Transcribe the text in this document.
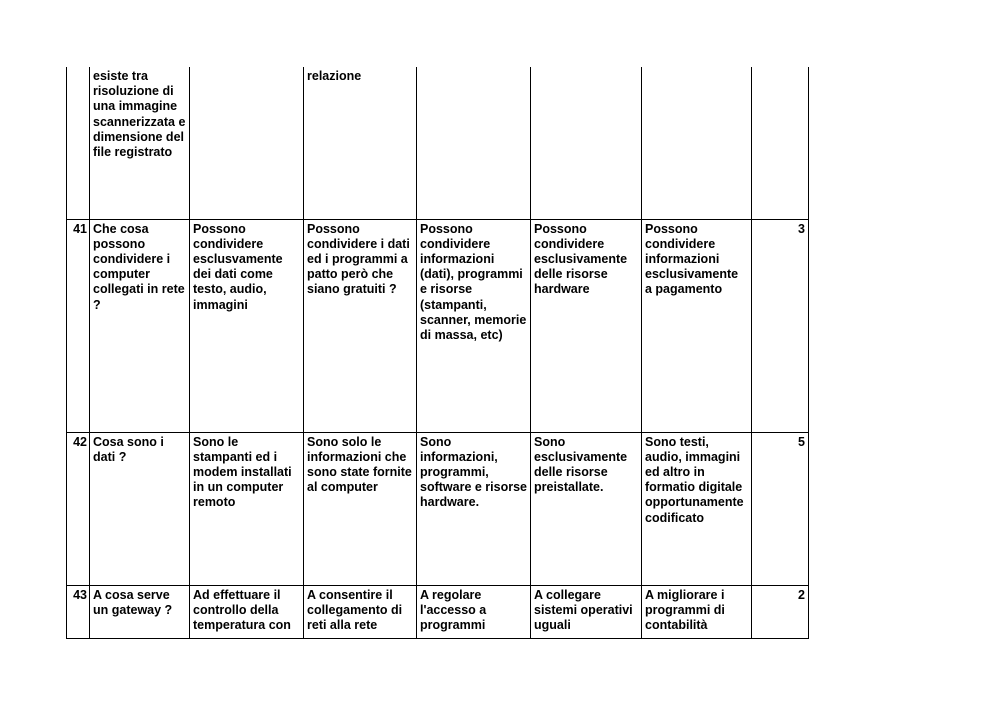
	esiste tra risoluzione di una immagine scannerizzata e dimensione del file registrato		relazione				

41	Che cosa possono condividere i computer collegati in rete ?	Possono condividere esclusvamente dei dati come testo, audio, immagini	Possono condividere i dati ed i programmi a patto però che siano gratuiti ?	Possono condividere informazioni (dati), programmi e risorse (stampanti, scanner, memorie di massa, etc)	Possono condividere esclusivamente delle risorse hardware	Possono condividere informazioni esclusivamente a pagamento	3

42	Cosa sono i dati ?	Sono le stampanti ed i modem installati in un computer remoto	Sono solo le informazioni che sono state fornite al computer	Sono informazioni, programmi, software e risorse hardware.	Sono esclusivamente delle risorse preistallate.	Sono testi, audio, immagini ed altro in formatio digitale opportunamente codificato	5

43	A cosa serve un gateway ?	Ad effettuare il controllo della temperatura con	A consentire il collegamento di reti alla rete	A regolare l'accesso a programmi	A collegare sistemi operativi uguali	A migliorare i programmi di contabilità	2
